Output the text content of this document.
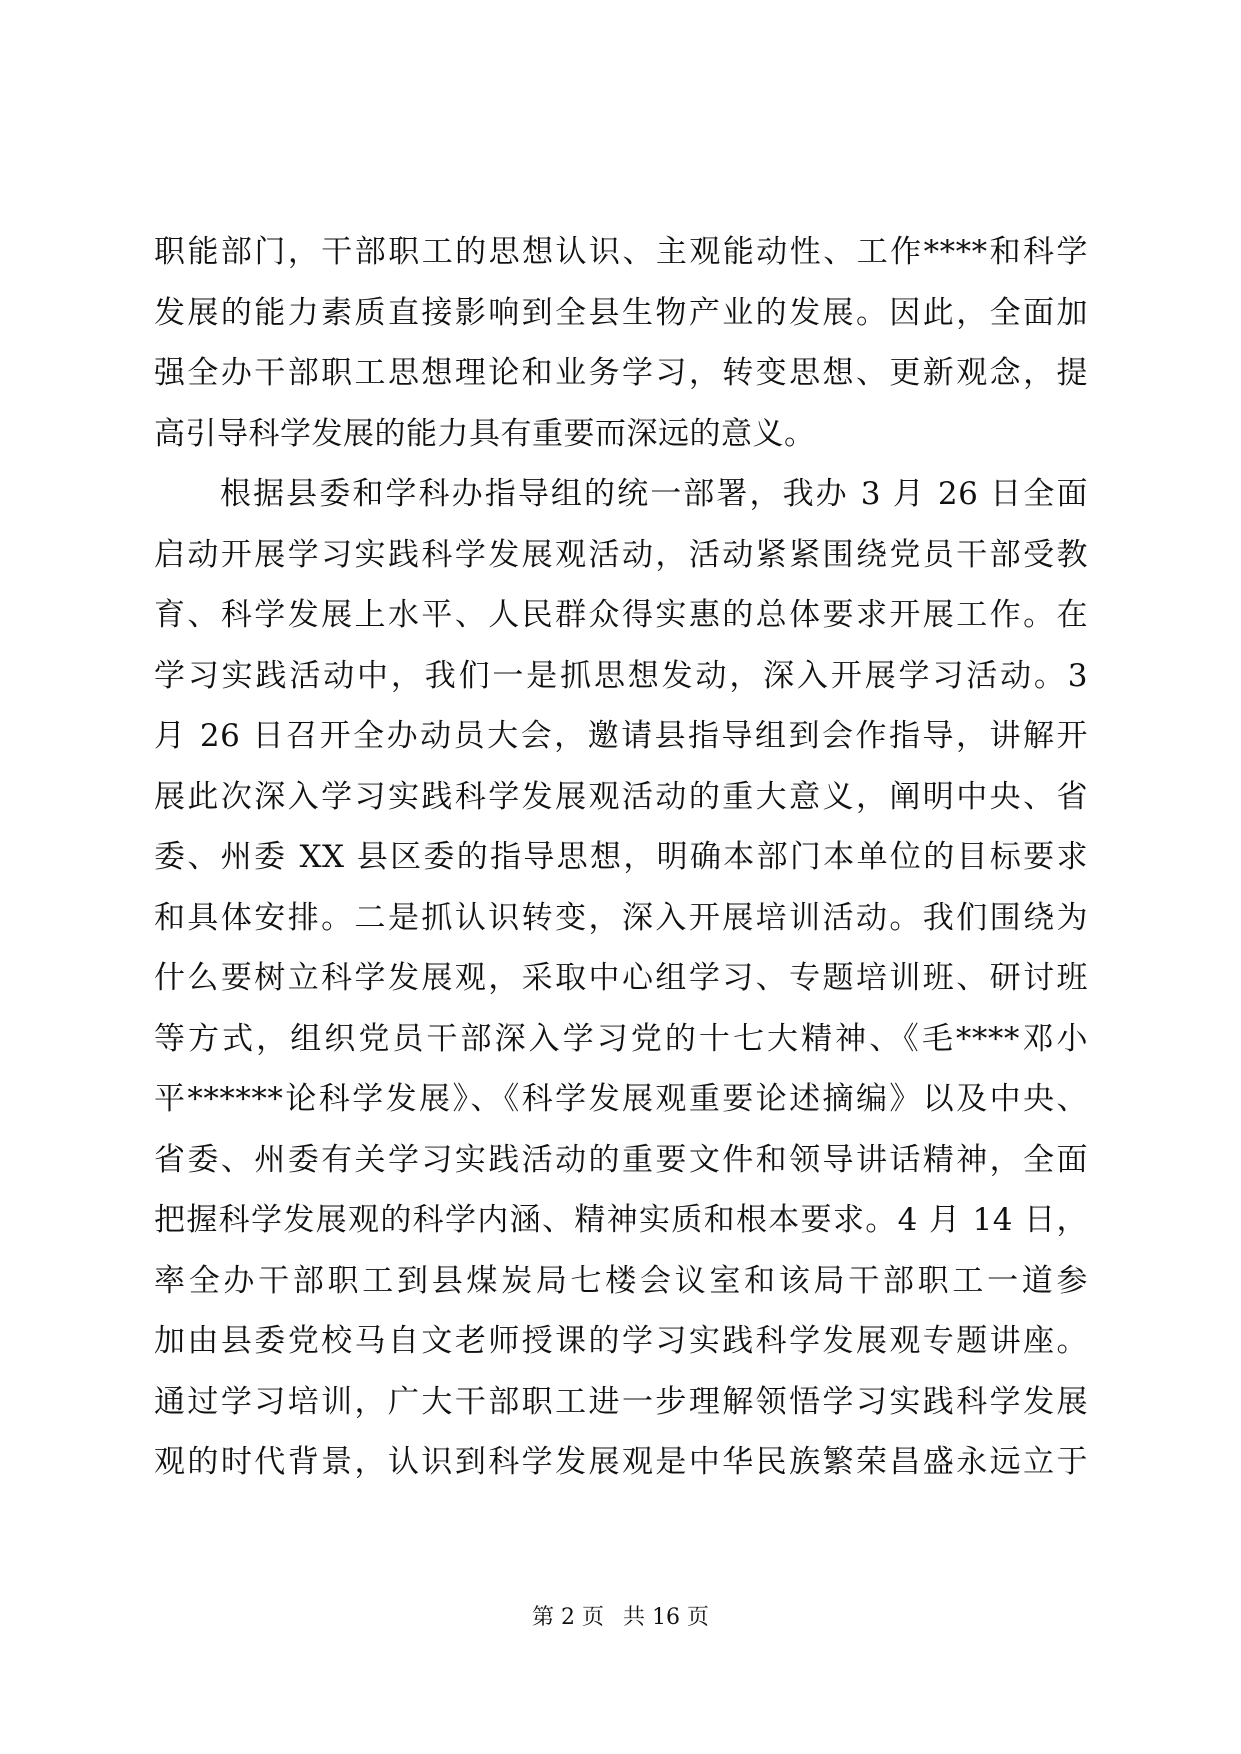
职能部门，干部职工的思想认识、主观能动性、工作****和科学
发展的能力素质直接影响到全县生物产业的发展。因此，全面加
强全办干部职工思想理论和业务学习，转变思想、更新观念，提
高引导科学发展的能力具有重要而深远的意义。
根据县委和学科办指导组的统一部署，我办 3 月 26 日全面
启动开展学习实践科学发展观活动，活动紧紧围绕党员干部受教
育、科学发展上水平、人民群众得实惠的总体要求开展工作。在
学习实践活动中，我们一是抓思想发动，深入开展学习活动。3
月 26 日召开全办动员大会，邀请县指导组到会作指导，讲解开
展此次深入学习实践科学发展观活动的重大意义，阐明中央、省
委、州委 XX 县区委的指导思想，明确本部门本单位的目标要求
和具体安排。二是抓认识转变，深入开展培训活动。我们围绕为
什么要树立科学发展观，采取中心组学习、专题培训班、研讨班
等方式，组织党员干部深入学习党的十七大精神、《毛****邓小
平******论科学发展》、《科学发展观重要论述摘编》以及中央、
省委、州委有关学习实践活动的重要文件和领导讲话精神，全面
把握科学发展观的科学内涵、精神实质和根本要求。4 月 14 日，
率全办干部职工到县煤炭局七楼会议室和该局干部职工一道参
加由县委党校马自文老师授课的学习实践科学发展观专题讲座。
通过学习培训，广大干部职工进一步理解领悟学习实践科学发展
观的时代背景，认识到科学发展观是中华民族繁荣昌盛永远立于
第 2 页 共 16 页
